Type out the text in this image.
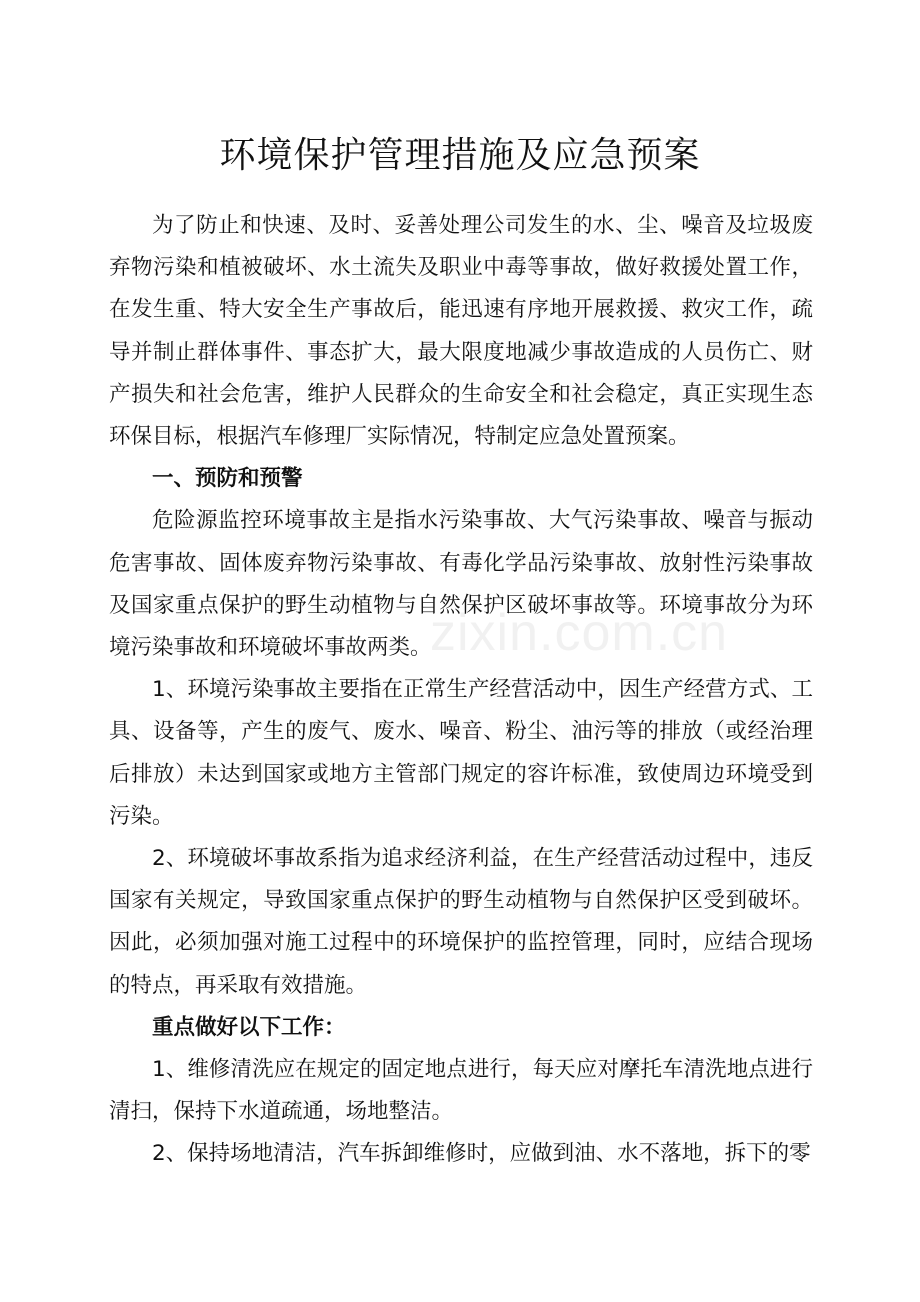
环境保护管理措施及应急预案

为了防止和快速、及时、妥善处理公司发生的水、尘、噪音及垃圾废弃物污染和植被破坏、水土流失及职业中毒等事故，做好救援处置工作，在发生重、特大安全生产事故后，能迅速有序地开展救援、救灾工作，疏导并制止群体事件、事态扩大，最大限度地减少事故造成的人员伤亡、财产损失和社会危害，维护人民群众的生命安全和社会稳定，真正实现生态环保目标，根据汽车修理厂实际情况，特制定应急处置预案。

一、预防和预警

危险源监控环境事故主是指水污染事故、大气污染事故、噪音与振动危害事故、固体废弃物污染事故、有毒化学品污染事故、放射性污染事故及国家重点保护的野生动植物与自然保护区破坏事故等。环境事故分为环境污染事故和环境破坏事故两类。

1、环境污染事故主要指在正常生产经营活动中，因生产经营方式、工具、设备等，产生的废气、废水、噪音、粉尘、油污等的排放（或经治理后排放）未达到国家或地方主管部门规定的容许标准，致使周边环境受到污染。

2、环境破坏事故系指为追求经济利益，在生产经营活动过程中，违反国家有关规定，导致国家重点保护的野生动植物与自然保护区受到破坏。因此，必须加强对施工过程中的环境保护的监控管理，同时，应结合现场的特点，再采取有效措施。

重点做好以下工作：

1、维修清洗应在规定的固定地点进行，每天应对摩托车清洗地点进行清扫，保持下水道疏通，场地整洁。

2、保持场地清洁，汽车拆卸维修时，应做到油、水不落地，拆下的零

zixin.com.cn
